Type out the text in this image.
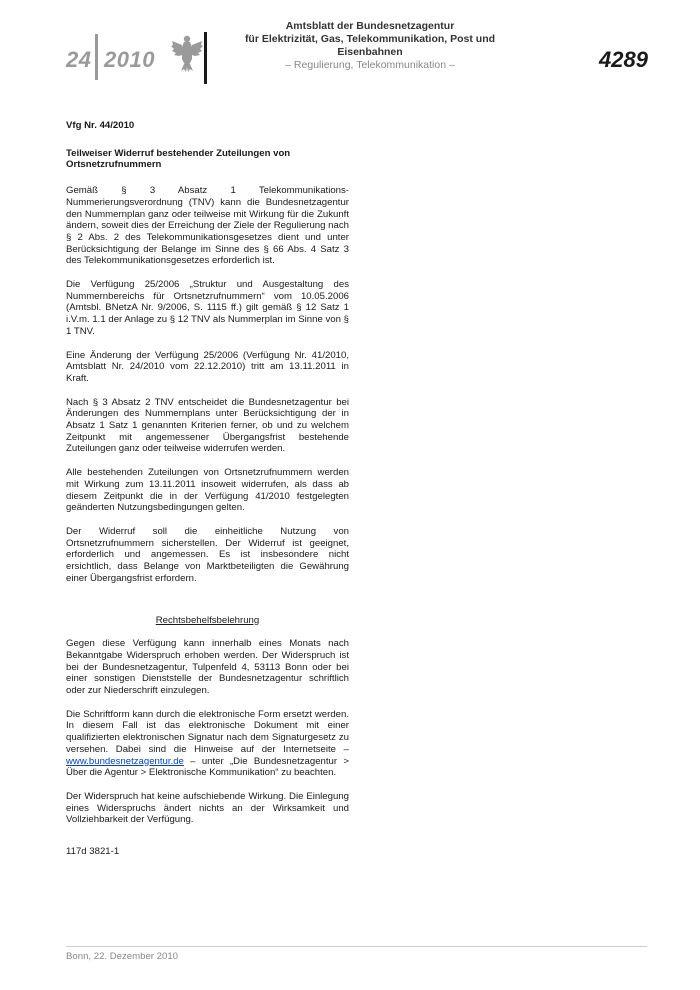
24 2010
Amtsblatt der Bundesnetzagentur
für Elektrizität, Gas, Telekommunikation, Post und Eisenbahnen
– Regulierung, Telekommunikation –	4289
Vfg Nr. 44/2010
Teilweiser Widerruf bestehender Zuteilungen von Ortsnetzrufnummern

Gemäß § 3 Absatz 1 Telekommunikations-Nummerierungsverordnung (TNV) kann die Bundesnetzagentur den Nummernplan ganz oder teilweise mit Wirkung für die Zukunft ändern, soweit dies der Erreichung der Ziele der Regulierung nach § 2 Abs. 2 des Telekommunikationsgesetzes dient und unter Berücksichtigung der Belange im Sinne des § 66 Abs. 4 Satz 3 des Telekommunikationsgesetzes erforderlich ist.

Die Verfügung 25/2006 „Struktur und Ausgestaltung des Nummernbereichs für Ortsnetzrufnummern“ vom 10.05.2006 (Amtsbl. BNetzA Nr. 9/2006, S. 1115 ff.) gilt gemäß § 12 Satz 1 i.V.m. 1.1 der Anlage zu § 12 TNV als Nummerplan im Sinne von § 1 TNV.

Eine Änderung der Verfügung 25/2006 (Verfügung Nr. 41/2010, Amtsblatt Nr. 24/2010 vom 22.12.2010) tritt am 13.11.2011 in Kraft.

Nach § 3 Absatz 2 TNV entscheidet die Bundesnetzagentur bei Änderungen des Nummernplans unter Berücksichtigung der in Absatz 1 Satz 1 genannten Kriterien ferner, ob und zu welchem Zeitpunkt mit angemessener Übergangsfrist bestehende Zuteilungen ganz oder teilweise widerrufen werden.

Alle bestehenden Zuteilungen von Ortsnetzrufnummern werden mit Wirkung zum 13.11.2011 insoweit widerrufen, als dass ab diesem Zeitpunkt die in der Verfügung 41/2010 festgelegten geänderten Nutzungsbedingungen gelten.

Der Widerruf soll die einheitliche Nutzung von Ortsnetzrufnummern sicherstellen. Der Widerruf ist geeignet, erforderlich und angemessen. Es ist insbesondere nicht ersichtlich, dass Belange von Marktbeteiligten die Gewährung einer Übergangsfrist erfordern.

Rechtsbehelfsbelehrung

Gegen diese Verfügung kann innerhalb eines Monats nach Bekanntgabe Widerspruch erhoben werden. Der Widerspruch ist bei der Bundesnetzagentur, Tulpenfeld 4, 53113 Bonn oder bei einer sonstigen Dienststelle der Bundesnetzagentur schriftlich oder zur Niederschrift einzulegen.

Die Schriftform kann durch die elektronische Form ersetzt werden. In diesem Fall ist das elektronische Dokument mit einer qualifizierten elektronischen Signatur nach dem Signaturgesetz zu versehen. Dabei sind die Hinweise auf der Internetseite – www.bundesnetzagentur.de – unter „Die Bundesnetzagentur > Über die Agentur > Elektronische Kommunikation“ zu beachten.

Der Widerspruch hat keine aufschiebende Wirkung. Die Einlegung eines Widerspruchs ändert nichts an der Wirksamkeit und Vollziehbarkeit der Verfügung.

117d 3821-1
Bonn, 22. Dezember 2010
